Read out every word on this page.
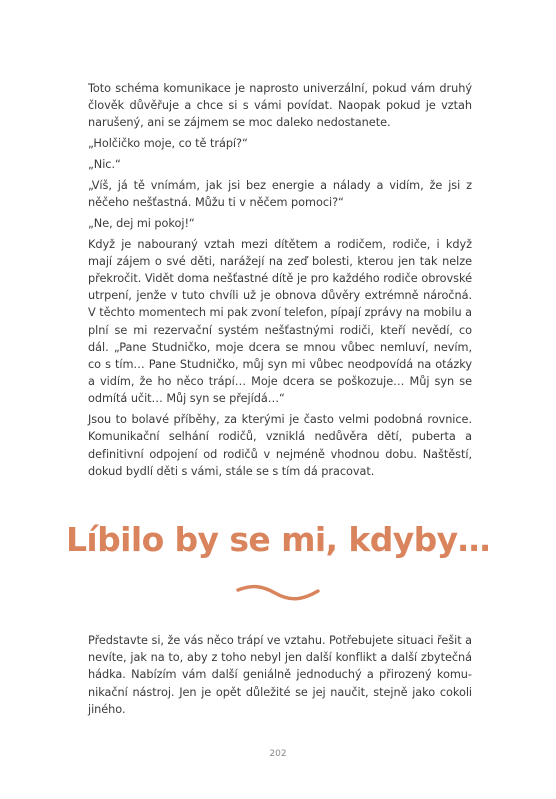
Toto schéma komunikace je naprosto univerzální, pokud vám druhý člověk důvěřuje a chce si s vámi povídat. Naopak pokud je vztah narušený, ani se zájmem se moc daleko nedostanete.

„Holčičko moje, co tě trápí?“

„Nic.“

„Víš, já tě vnímám, jak jsi bez energie a nálady a vidím, že jsi z něčeho nešťastná. Můžu ti v něčem pomoci?“

„Ne, dej mi pokoj!“

Když je nabouraný vztah mezi dítětem a rodičem, rodiče, i když mají zájem o své děti, narážejí na zeď bolesti, kterou jen tak nelze překročit. Vidět doma nešťastné dítě je pro každého rodiče obrovské utrpení, jenže v tuto chvíli už je obnova důvěry extrémně náročná. V těchto momentech mi pak zvoní telefon, pípají zprávy na mobilu a plní se mi rezervační systém nešťastnými rodiči, kteří nevědí, co dál. „Pane Studničko, moje dcera se mnou vůbec nemluví, nevím, co s tím… Pane Studničko, můj syn mi vůbec neodpovídá na otázky a vidím, že ho něco trápí… Moje dcera se poškozuje… Můj syn se odmítá učit… Můj syn se přejídá…“

Jsou to bolavé příběhy, za kterými je často velmi podobná rovnice. Komunikační selhání rodičů, vzniklá nedůvěra dětí, puberta a definitivní odpojení od rodičů v nejméně vhodnou dobu. Naštěstí, dokud bydlí děti s vámi, stále se s tím dá pracovat.

Líbilo by se mi, kdyby…

Představte si, že vás něco trápí ve vztahu. Potřebujete situaci řešit a nevíte, jak na to, aby z toho nebyl jen další konflikt a další zbytečná hádka. Nabízím vám další geniálně jednoduchý a přirozený komunikační nástroj. Jen je opět důležité se jej naučit, stejně jako cokoli jiného.

202
